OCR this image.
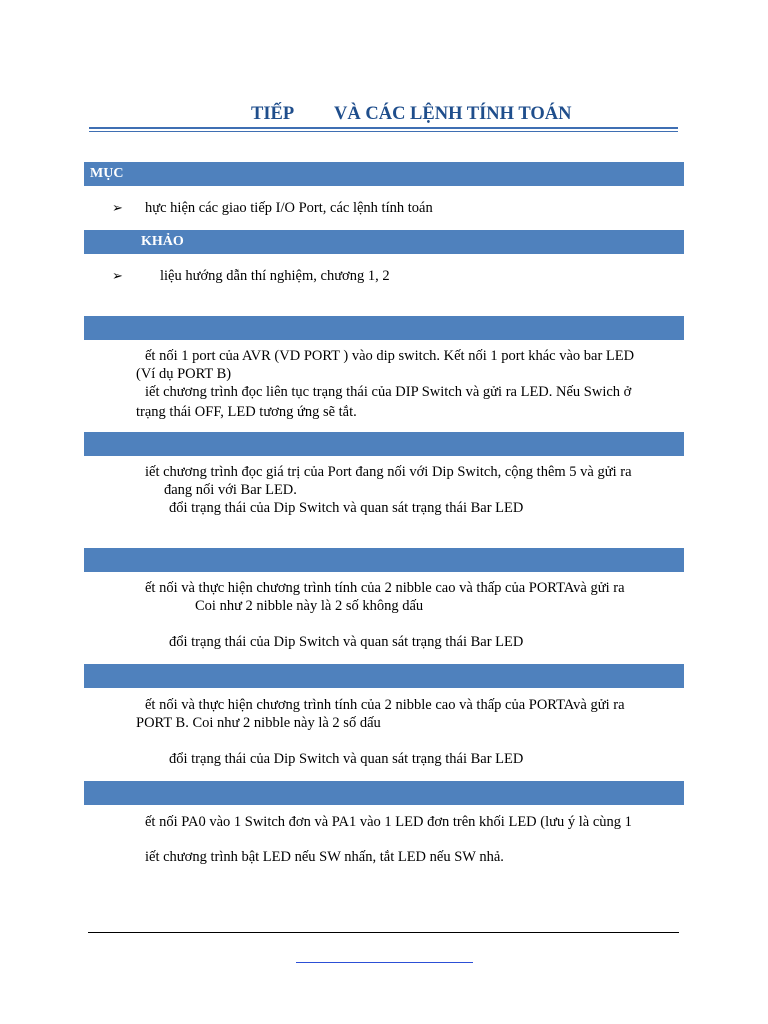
TIẾP VÀ CÁC LỆNH TÍNH TOÁN
MỤC
➢ hực hiện các giao tiếp I/O Port, các lệnh tính toán
KHẢO
➢	liệu hướng dẫn thí nghiệm, chương 1, 2
ết nối 1 port của AVR (VD PORT ) vào dip switch. Kết nối 1 port khác vào bar LED
(Ví dụ PORT B)
iết chương trình đọc liên tục trạng thái của DIP Switch và gửi ra LED. Nếu Swich ở
trạng thái OFF, LED tương ứng sẽ tắt.
iết chương trình đọc giá trị của Port đang nối với Dip Switch, cộng thêm 5 và gửi ra
đang nối với Bar LED.
đổi trạng thái của Dip Switch và quan sát trạng thái Bar LED
ết nối và thực hiện chương trình tính của 2 nibble cao và thấp của PORTAvà gửi ra
Coi như 2 nibble này là 2 số không dấu
đổi trạng thái của Dip Switch và quan sát trạng thái Bar LED
ết nối và thực hiện chương trình tính của 2 nibble cao và thấp của PORTAvà gửi ra
PORT B. Coi như 2 nibble này là 2 số dấu
đổi trạng thái của Dip Switch và quan sát trạng thái Bar LED
ết nối PA0 vào 1 Switch đơn và PA1 vào 1 LED đơn trên khối LED (lưu ý là cùng 1
iết chương trình bật LED nếu SW nhấn, tắt LED nếu SW nhả.
